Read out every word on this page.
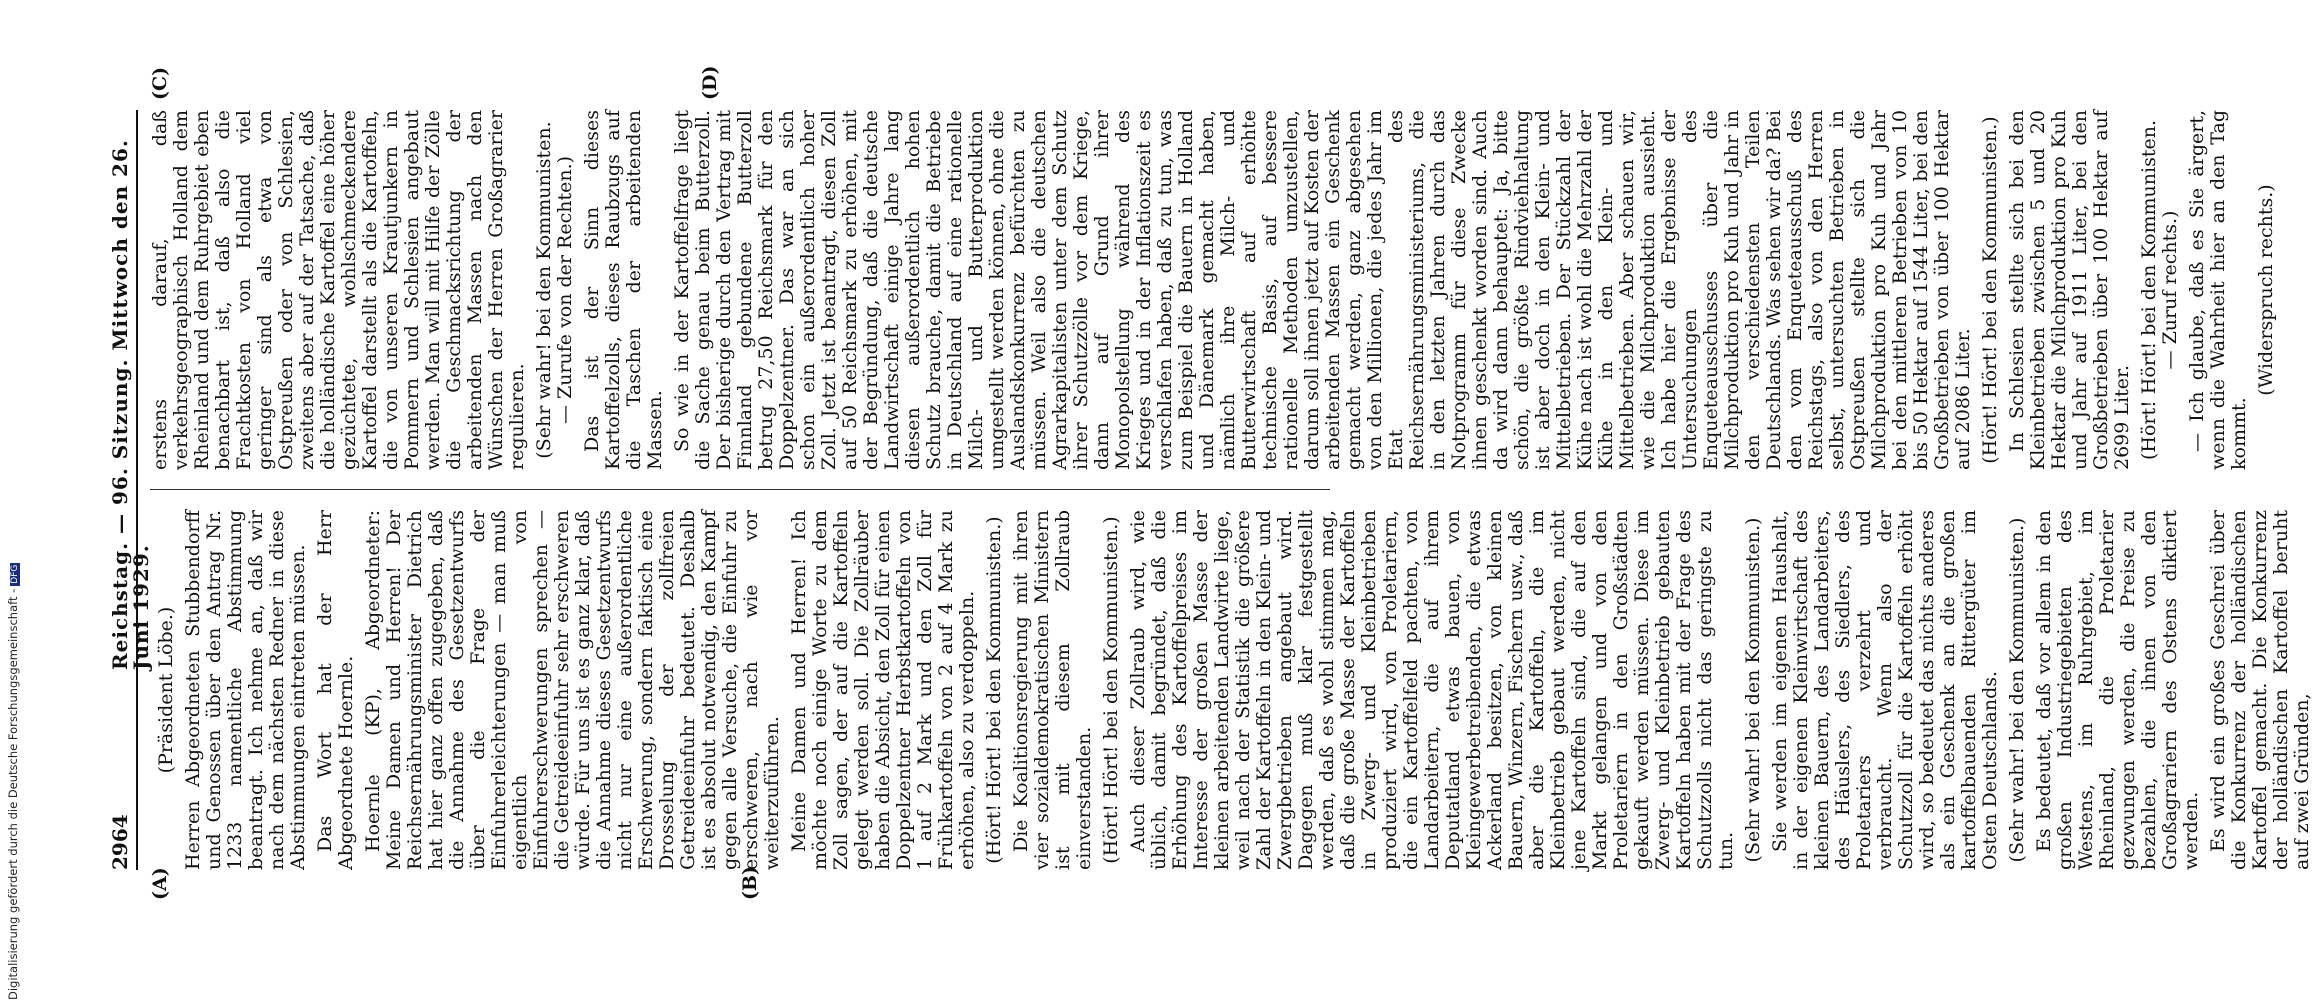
2964
Reichstag. — 96. Sitzung. Mittwoch den 26. Juni 1929.
(A)	(B)
(C)	(D)

(Präsident Löbe.) Herren Abgeordneten Stubbendorff und Genossen über den Antrag Nr. 1233 namentliche Abstimmung beantragt. Ich nehme an, daß wir nach dem nächsten Redner in diese Abstimmungen eintreten müssen. Das Wort hat der Herr Abgeordnete Hoernle. Hoernle (KP), Abgeordneter: Meine Damen und Herren! Der Reichsernährungsminister Dietrich hat hier ganz offen zugegeben, daß die Annahme des Gesetzentwurfs über die Frage der Einfuhrerleichterungen — man muß eigentlich von Einfuhrerschwerungen sprechen — die Getreideeinfuhr sehr erschweren würde. Für uns ist es ganz klar, daß die Annahme dieses Gesetzentwurfs nicht nur eine außerordentliche Erschwerung, sondern faktisch eine Drosselung der zollfreien Getreideeinfuhr bedeutet. Deshalb ist es absolut notwendig, den Kampf gegen alle Versuche, die Einfuhr zu erschweren, nach wie vor weiterzuführen. Meine Damen und Herren! Ich möchte noch einige Worte zu dem Zoll sagen, der auf die Kartoffeln gelegt werden soll. Die Zollräuber haben die Absicht, den Zoll für einen Doppelzentner Herbstkartoffeln von 1 auf 2 Mark und den Zoll für Frühkartoffeln von 2 auf 4 Mark zu erhöhen, also zu verdoppeln. (Hört! Hört! bei den Kommunisten.) Die Koalitionsregierung mit ihren vier sozialdemokratischen Ministern ist mit diesem Zollraub einverstanden. (Hört! Hört! bei den Kommunisten.) Auch dieser Zollraub wird, wie üblich, damit begründet, daß die Erhöhung des Kartoffelpreises im Interesse der großen Masse der kleinen arbeitenden Landwirte liege, weil nach der Statistik die größere Zahl der Kartoffeln in den Klein- und Zwergbetrieben angebaut wird. Dagegen muß klar festgestellt werden, daß es wohl stimmen mag, daß die große Masse der Kartoffeln in Zwerg- und Kleinbetrieben produziert wird, von Proletariern, die ein Kartoffelfeld pachten, von Landarbeitern, die auf ihrem Deputatland etwas bauen, von Kleingewerbetreibenden, die etwas Ackerland besitzen, von kleinen Bauern, Winzern, Fischern usw., daß aber die Kartoffeln, die im Kleinbetrieb gebaut werden, nicht jene Kartoffeln sind, die auf den Markt gelangen und von den Proletariern in den Großstädten gekauft werden müssen. Diese im Zwerg- und Kleinbetrieb gebauten Kartoffeln haben mit der Frage des Schutzzolls nicht das geringste zu tun. (Sehr wahr! bei den Kommunisten.) Sie werden im eigenen Haushalt, in der eigenen Kleinwirtschaft des kleinen Bauern, des Landarbeiters, des Häuslers, des Siedlers, des Proletariers verzehrt und verbraucht. Wenn also der Schutzzoll für die Kartoffeln erhöht wird, so bedeutet das nichts anderes als ein Geschenk an die großen kartoffelbauenden Rittergüter im Osten Deutschlands. (Sehr wahr! bei den Kommunisten.) Es bedeutet, daß vor allem in den großen Industriegebieten des Westens, im Ruhrgebiet, im Rheinland, die Proletarier gezwungen werden, die Preise zu bezahlen, die ihnen von den Großagrariern des Ostens diktiert werden. Es wird ein großes Geschrei über die Konkurrenz der holländischen Kartoffel gemacht. Die Konkurrenz der holländischen Kartoffel beruht auf zwei Gründen,

erstens darauf, daß verkehrsgeographisch Holland dem Rheinland und dem Ruhrgebiet eben benachbart ist, daß also die Frachtkosten von Holland viel geringer sind als etwa von Ostpreußen oder von Schlesien, zweitens aber auf der Tatsache, daß die holländische Kartoffel eine höher gezüchtete, wohlschmeckendere Kartoffel darstellt als die Kartoffeln, die von unseren Krautjunkern in Pommern und Schlesien angebaut werden. Man will mit Hilfe der Zölle die Geschmacksrichtung der arbeitenden Massen nach den Wünschen der Herren Großagrarier regulieren. (Sehr wahr! bei den Kommunisten. — Zurufe von der Rechten.) Das ist der Sinn dieses Kartoffelzolls, dieses Raubzugs auf die Taschen der arbeitenden Massen. So wie in der Kartoffelfrage liegt die Sache genau beim Butterzoll. Der bisherige durch den Vertrag mit Finnland gebundene Butterzoll betrug 27,50 Reichsmark für den Doppelzentner. Das war an sich schon ein außerordentlich hoher Zoll. Jetzt ist beantragt, diesen Zoll auf 50 Reichsmark zu erhöhen, mit der Begründung, daß die deutsche Landwirtschaft einige Jahre lang diesen außerordentlich hohen Schutz brauche, damit die Betriebe in Deutschland auf eine rationelle Milch- und Butterproduktion umgestellt werden können, ohne die Auslandskonkurrenz befürchten zu müssen. Weil also die deutschen Agrarkapitalisten unter dem Schutz ihrer Schutzzölle vor dem Kriege, dann auf Grund ihrer Monopolstellung während des Krieges und in der Inflationszeit es verschlafen haben, daß zu tun, was zum Beispiel die Bauern in Holland und Dänemark gemacht haben, nämlich ihre Milch- und Butterwirtschaft auf erhöhte technische Basis, auf bessere rationelle Methoden umzustellen, darum soll ihnen jetzt auf Kosten der arbeitenden Massen ein Geschenk gemacht werden, ganz abgesehen von den Millionen, die jedes Jahr im Etat des Reichsernährungsministeriums, die in den letzten Jahren durch das Notprogramm für diese Zwecke ihnen geschenkt worden sind. Auch da wird dann behauptet: Ja, bitte schön, die größte Rindviehhaltung ist aber doch in den Klein- und Mittelbetrieben. Der Stückzahl der Kühe nach ist wohl die Mehrzahl der Kühe in den Klein- und Mittelbetrieben. Aber schauen wir, wie die Milchproduktion aussieht. Ich habe hier die Ergebnisse der Untersuchungen des Enqueteausschusses über die Milchproduktion pro Kuh und Jahr in den verschiedensten Teilen Deutschlands. Was sehen wir da? Bei den vom Enqueteausschuß des Reichstags, also von den Herren selbst, untersuchten Betrieben in Ostpreußen stellte sich die Milchproduktion pro Kuh und Jahr bei den mittleren Betrieben von 10 bis 50 Hektar auf 1544 Liter, bei den Großbetrieben von über 100 Hektar auf 2086 Liter. (Hört! Hört! bei den Kommunisten.) In Schlesien stellte sich bei den Kleinbetrieben zwischen 5 und 20 Hektar die Milchproduktion pro Kuh und Jahr auf 1911 Liter, bei den Großbetrieben über 100 Hektar auf 2699 Liter. (Hört! Hört! bei den Kommunisten. — Zuruf rechts.) — Ich glaube, daß es Sie ärgert, wenn die Wahrheit hier an den Tag kommt.

(Widerspruch rechts.)

Digitalisierung gefördert durch die Deutsche Forschungsgemeinschaft -DFG
